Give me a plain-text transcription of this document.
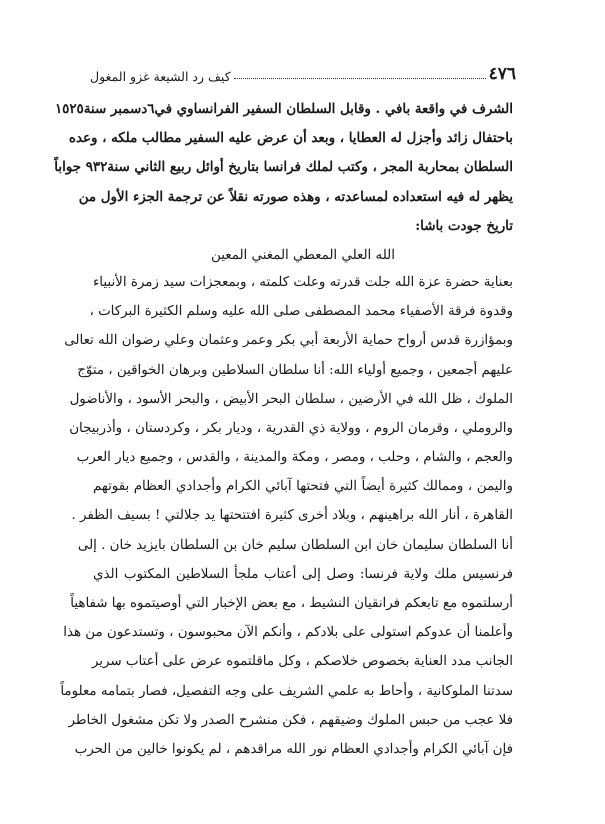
٤٧٦
كيف رد الشيعة غزو المغول
الشرف في واقعة بافي . وقابل السلطان السفير الفرانساوي في٦دسمبر سنة١٥٢٥
باحتفال زائد وأجزل له العطايا ، وبعد أن عرض عليه السفير مطالب ملكه ، وعده
السلطان بمحاربة المجر ، وكتب لملك فرانسا بتاريخ أوائل ربيع الثاني سنة٩٣٢ جواباً
يظهر له فيه استعداده لمساعدته ، وهذه صورته نقلاً عن ترجمة الجزء الأول من
تاريخ جودت باشا:
الله العلي المعطي المغني المعين
بعناية حضرة عزة الله جلت قدرته وعلت كلمته ، وبمعجزات سيد زمرة الأنبياء
وقدوة فرقة الأصفياء محمد المصطفى صلى الله عليه وسلم الكثيرة البركات ،
وبمؤازرة قدس أرواح حماية الأربعة أبي بكر وعمر وعثمان وعلي رضوان الله تعالى
عليهم أجمعين ، وجميع أولياء الله: أنا سلطان السلاطين وبرهان الخواقين ، متوّج
الملوك ، ظل الله في الأرضين ، سلطان البحر الأبيض ، والبحر الأسود ، والأناضول
والروملي ، وقرمان الروم ، وولاية ذي القدرية ، وديار بكر ، وكردستان ، وأذربيجان
والعجم ، والشام ، وحلب ، ومصر ، ومكة والمدينة ، والقدس ، وجميع ديار العرب
واليمن ، وممالك كثيرة أيضاً التي فتحتها آبائي الكرام وأجدادي العظام بقوتهم
القاهرة ، أنار الله براهينهم ، وبلاد أخرى كثيرة افتتحتها يد جلالتي ! بسيف الظفر .
أنا السلطان سليمان خان ابن السلطان سليم خان بن السلطان بايزيد خان . إلى
فرنسيس ملك ولاية فرنسا: وصل إلى أعتاب ملجأ السلاطين المكتوب الذي
أرسلتموه مع تابعكم فرانقيان النشيط ، مع بعض الإخبار التي أوصيتموه بها شفاهياً
وأعلمنا أن عدوكم استولى على بلادكم ، وأنكم الآن محبوسون ، وتستدعون من هذا
الجانب مدد العناية بخصوص خلاصكم ، وكل ماقلتموه عرض على أعتاب سرير
سدتنا الملوكانية ، وأحاط به علمي الشريف على وجه التفصيل، فصار بتمامه معلوماً
فلا عجب من حبس الملوك وضيقهم ، فكن منشرح الصدر ولا تكن مشغول الخاطر
فإن آبائي الكرام وأجدادي العظام نور الله مراقدهم ، لم يكونوا خالين من الحرب
